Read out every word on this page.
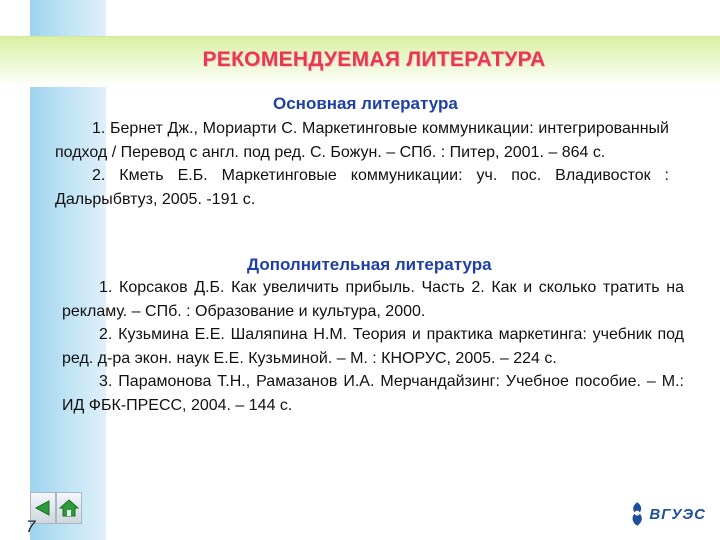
РЕКОМЕНДУЕМАЯ ЛИТЕРАТУРА
Основная литература
1. Бернет Дж., Мориарти С. Маркетинговые коммуникации: интегрированный подход / Перевод с англ. под ред. С. Божун. – СПб. : Питер, 2001. – 864 с.
2. Кметь Е.Б. Маркетинговые коммуникации: уч. пос. Владивосток : Дальрыбвтуз, 2005. -191 с.
Дополнительная литература
1. Корсаков Д.Б. Как увеличить прибыль. Часть 2. Как и сколько тратить на рекламу. – СПб. : Образование и культура, 2000.
2. Кузьмина Е.Е. Шаляпина Н.М. Теория и практика маркетинга: учебник под ред. д-ра экон. наук Е.Е. Кузьминой. – М. : КНОРУС, 2005. – 224 с.
3. Парамонова Т.Н., Рамазанов И.А. Мерчандайзинг: Учебное пособие. – М.: ИД ФБК-ПРЕСС, 2004. – 144 с.
7
ВГУЭС
